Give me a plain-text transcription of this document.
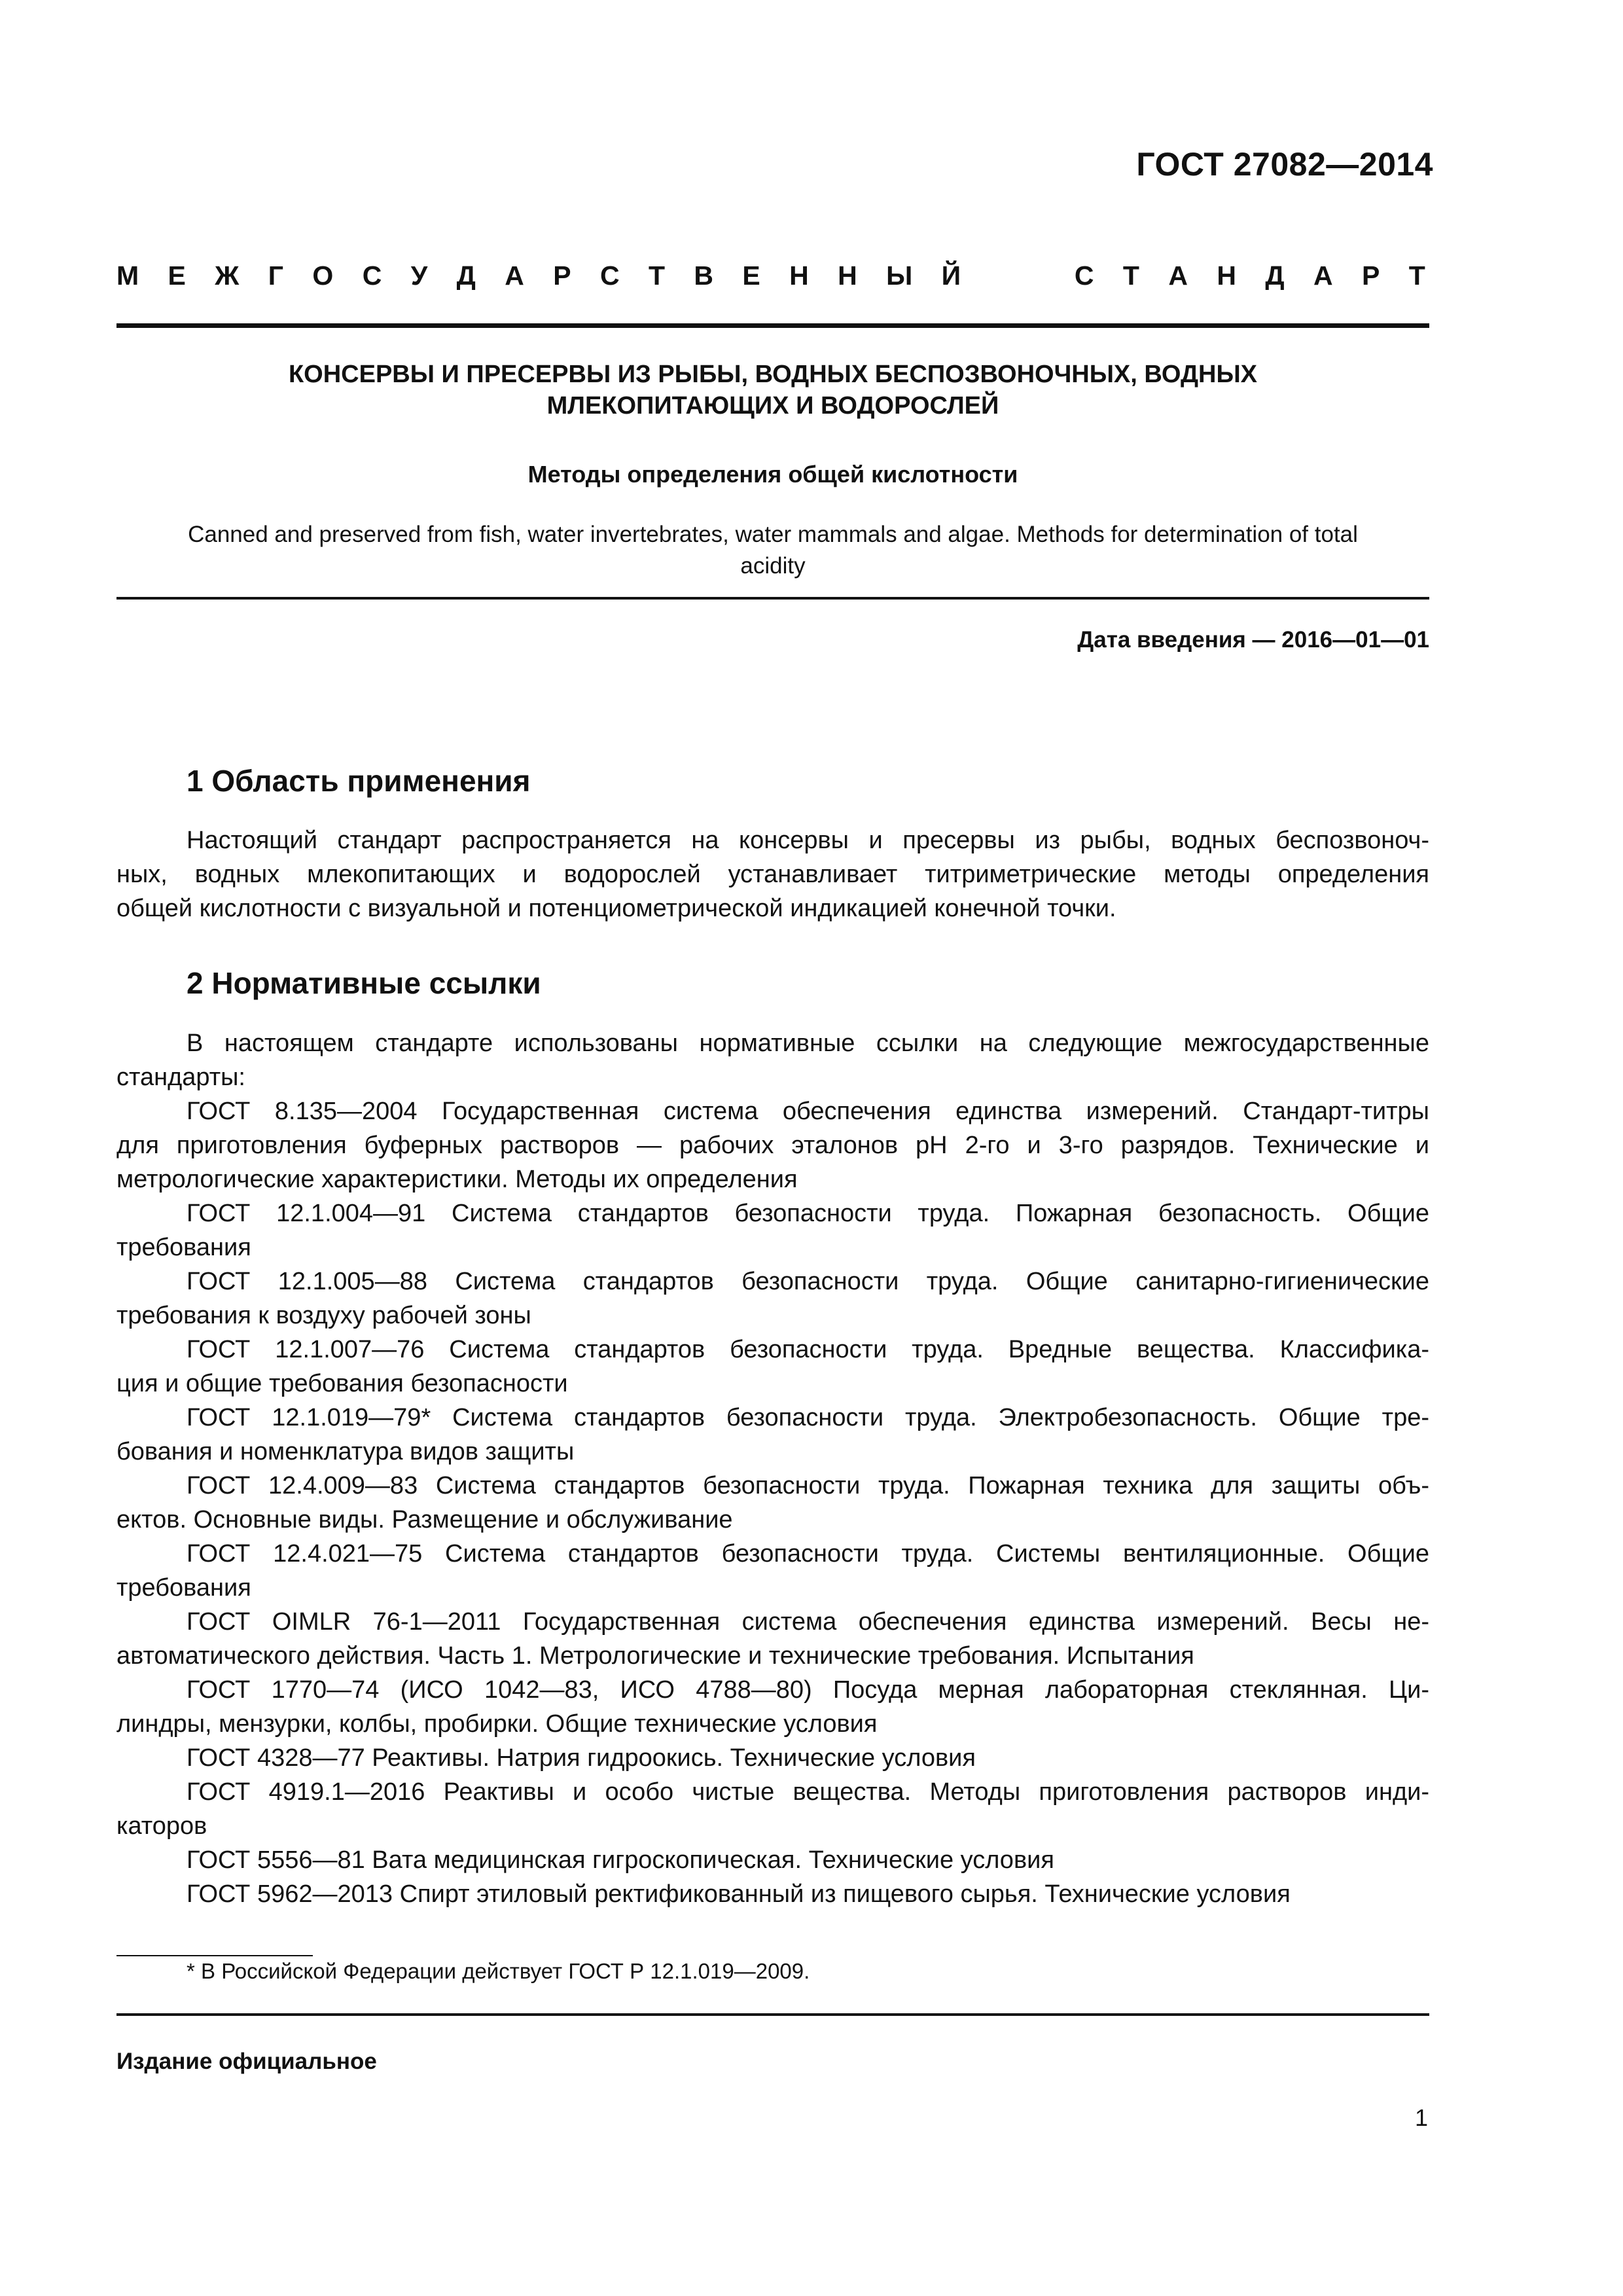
ГОСТ 27082—2014
М Е Ж Г О С У Д А Р С Т В Е Н Н Ы Й	С Т А Н Д А Р Т
КОНСЕРВЫ И ПРЕСЕРВЫ ИЗ РЫБЫ, ВОДНЫХ БЕСПОЗВОНОЧНЫХ, ВОДНЫХ
МЛЕКОПИТАЮЩИХ И ВОДОРОСЛЕЙ
Методы определения общей кислотности
Canned and preserved from fish, water invertebrates, water mammals and algae. Methods for determination of total
acidity
Дата введения — 2016—01—01
1 Область применения
Настоящий стандарт распространяется на консервы и пресервы из рыбы, водных беспозвоноч-
ных, водных млекопитающих и водорослей устанавливает титриметрические методы определения
общей кислотности с визуальной и потенциометрической индикацией конечной точки.
2 Нормативные ссылки
В настоящем стандарте использованы нормативные ссылки на следующие межгосударственные
стандарты:
ГОСТ 8.135—2004 Государственная система обеспечения единства измерений. Стандарт-титры
для приготовления буферных растворов — рабочих эталонов pH 2-го и 3-го разрядов. Технические и
метрологические характеристики. Методы их определения
ГОСТ 12.1.004—91 Система стандартов безопасности труда. Пожарная безопасность. Общие
требования
ГОСТ 12.1.005—88 Система стандартов безопасности труда. Общие санитарно-гигиенические
требования к воздуху рабочей зоны
ГОСТ 12.1.007—76 Система стандартов безопасности труда. Вредные вещества. Классифика-
ция и общие требования безопасности
ГОСТ 12.1.019—79* Система стандартов безопасности труда. Электробезопасность. Общие тре-
бования и номенклатура видов защиты
ГОСТ 12.4.009—83 Система стандартов безопасности труда. Пожарная техника для защиты объ-
ектов. Основные виды. Размещение и обслуживание
ГОСТ 12.4.021—75 Система стандартов безопасности труда. Системы вентиляционные. Общие
требования
ГОСТ OIMLR 76-1—2011 Государственная система обеспечения единства измерений. Весы не-
автоматического действия. Часть 1. Метрологические и технические требования. Испытания
ГОСТ 1770—74 (ИСО 1042—83, ИСО 4788—80) Посуда мерная лабораторная стеклянная. Ци-
линдры, мензурки, колбы, пробирки. Общие технические условия
ГОСТ 4328—77 Реактивы. Натрия гидроокись. Технические условия
ГОСТ 4919.1—2016 Реактивы и особо чистые вещества. Методы приготовления растворов инди-
каторов
ГОСТ 5556—81 Вата медицинская гигроскопическая. Технические условия
ГОСТ 5962—2013 Спирт этиловый ректификованный из пищевого сырья. Технические условия
* В Российской Федерации действует ГОСТ Р 12.1.019—2009.
Издание официальное
1
